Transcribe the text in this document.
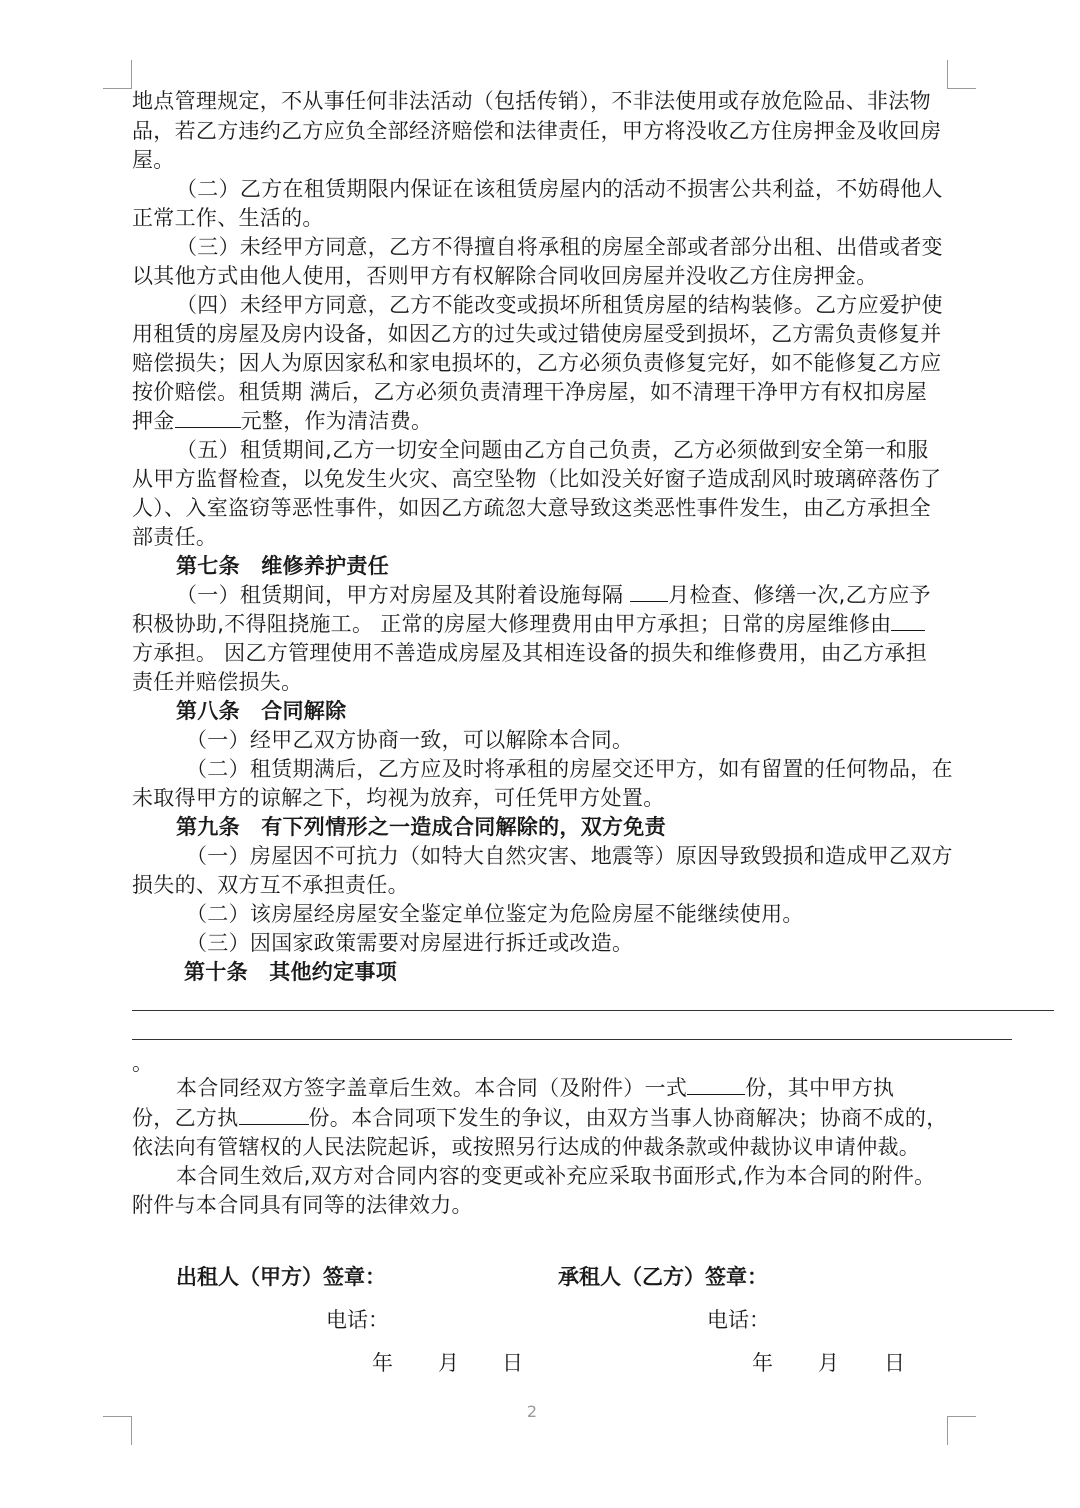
地点管理规定，不从事任何非法活动（包括传销），不非法使用或存放危险品、非法物
品，若乙方违约乙方应负全部经济赔偿和法律责任，甲方将没收乙方住房押金及收回房
屋。
（二）乙方在租赁期限内保证在该租赁房屋内的活动不损害公共利益，不妨碍他人
正常工作、生活的。
（三）未经甲方同意，乙方不得擅自将承租的房屋全部或者部分出租、出借或者变
以其他方式由他人使用，否则甲方有权解除合同收回房屋并没收乙方住房押金。
（四）未经甲方同意，乙方不能改变或损坏所租赁房屋的结构装修。乙方应爱护使
用租赁的房屋及房内设备，如因乙方的过失或过错使房屋受到损坏，乙方需负责修复并
赔偿损失；因人为原因家私和家电损坏的，乙方必须负责修复完好，如不能修复乙方应
按价赔偿。租赁期 满后，乙方必须负责清理干净房屋，如不清理干净甲方有权扣房屋
押金	元整，作为清洁费。
（五）租赁期间,乙方一切安全问题由乙方自己负责，乙方必须做到安全第一和服
从甲方监督检查，以免发生火灾、高空坠物（比如没关好窗子造成刮风时玻璃碎落伤了
人）、入室盗窃等恶性事件，如因乙方疏忽大意导致这类恶性事件发生，由乙方承担全
部责任。
第七条　维修养护责任
（一）租赁期间，甲方对房屋及其附着设施每隔 月检查、修缮一次,乙方应予
积极协助,不得阻挠施工。 正常的房屋大修理费用由甲方承担；日常的房屋维修由
方承担。 因乙方管理使用不善造成房屋及其相连设备的损失和维修费用，由乙方承担
责任并赔偿损失。
第八条　合同解除
（一）经甲乙双方协商一致，可以解除本合同。
（二）租赁期满后，乙方应及时将承租的房屋交还甲方，如有留置的任何物品，在
未取得甲方的谅解之下，均视为放弃，可任凭甲方处置。
第九条　有下列情形之一造成合同解除的，双方免责
（一）房屋因不可抗力（如特大自然灾害、地震等）原因导致毁损和造成甲乙双方
损失的、双方互不承担责任。
（二）该房屋经房屋安全鉴定单位鉴定为危险房屋不能继续使用。
（三）因国家政策需要对房屋进行拆迁或改造。
第十条　其他约定事项
。
本合同经双方签字盖章后生效。本合同（及附件）一式	份，其中甲方执
份，乙方执	份。本合同项下发生的争议，由双方当事人协商解决；协商不成的，
依法向有管辖权的人民法院起诉，或按照另行达成的仲裁条款或仲裁协议申请仲裁。
本合同生效后,双方对合同内容的变更或补充应采取书面形式,作为本合同的附件。
附件与本合同具有同等的法律效力。
出租人（甲方）签章：	承租人（乙方）签章：
电话：	电话：
年 月 日	年 月 日
2
